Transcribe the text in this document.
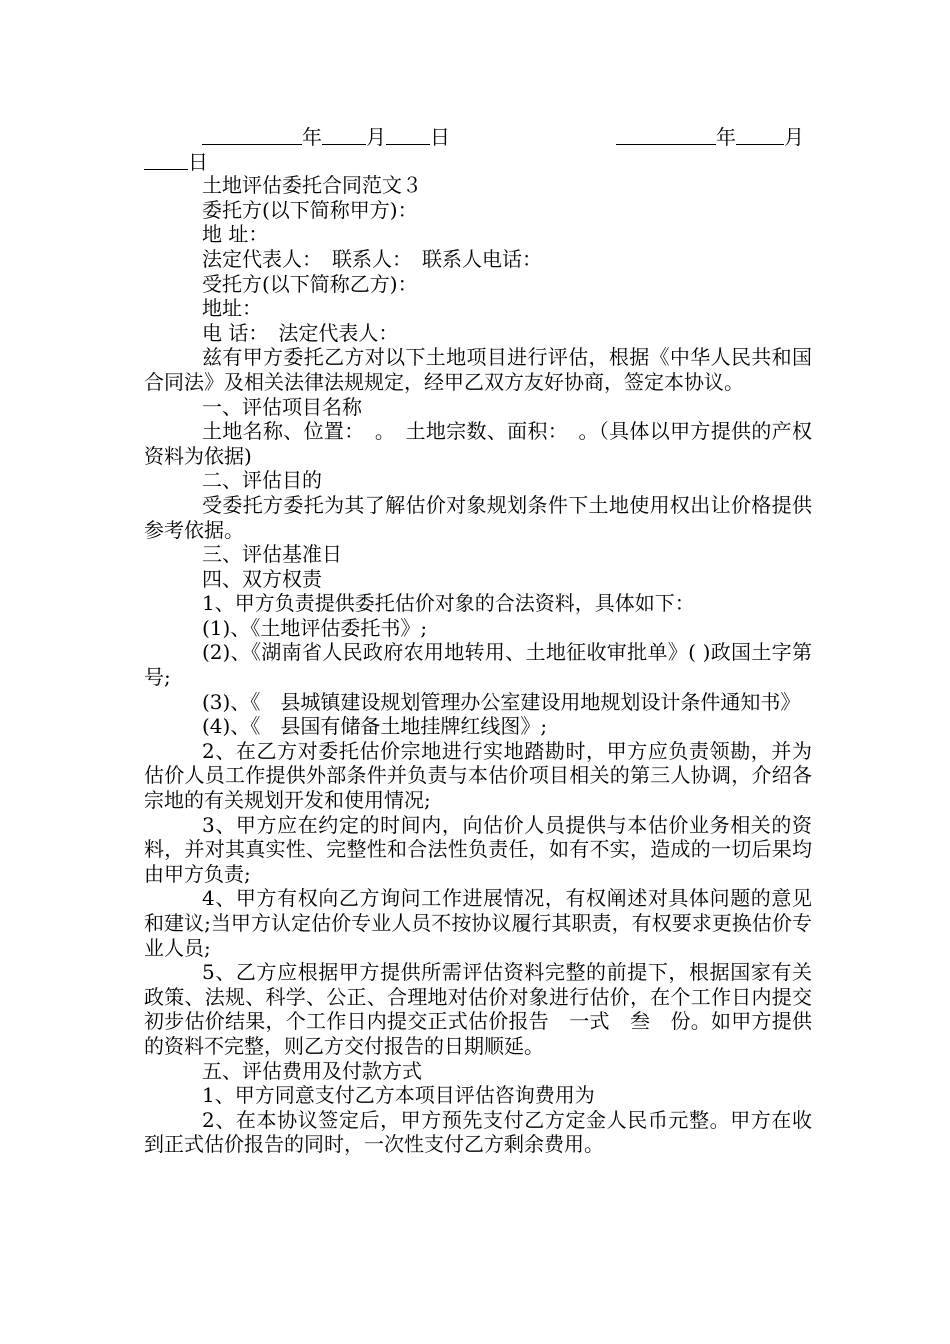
年 月 日	年 月
日

土地评估委托合同范文３

委托方(以下简称甲方)：

地 址：

法定代表人：　联系人：　联系人电话：

受托方(以下简称乙方)：

地址：

电 话：　法定代表人：

兹有甲方委托乙方对以下土地项目进行评估，根据《中华人民共和国合同法》及相关法律法规规定，经甲乙双方友好协商，签定本协议。

一、评估项目名称

土地名称、位置：　。　土地宗数、面积：　。（具体以甲方提供的产权资料为依据)

二、评估目的

受委托方委托为其了解估价对象规划条件下土地使用权出让价格提供参考依据。

三、评估基准日

四、双方权责

1、甲方负责提供委托估价对象的合法资料，具体如下：

(1)、《土地评估委托书》;

(2)、《湖南省人民政府农用地转用、土地征收审批单》( )政国土字第　号;

(3)、《　县城镇建设规划管理办公室建设用地规划设计条件通知书》

(4)、《　县国有储备土地挂牌红线图》;

2、在乙方对委托估价宗地进行实地踏勘时，甲方应负责领勘，并为估价人员工作提供外部条件并负责与本估价项目相关的第三人协调，介绍各宗地的有关规划开发和使用情况;

3、甲方应在约定的时间内，向估价人员提供与本估价业务相关的资料，并对其真实性、完整性和合法性负责任，如有不实，造成的一切后果均由甲方负责;

4、甲方有权向乙方询问工作进展情况，有权阐述对具体问题的意见和建议;当甲方认定估价专业人员不按协议履行其职责，有权要求更换估价专业人员;

5、乙方应根据甲方提供所需评估资料完整的前提下，根据国家有关政策、法规、科学、公正、合理地对估价对象进行估价，在个工作日内提交初步估价结果，个工作日内提交正式估价报告　一式　叁　份。如甲方提供的资料不完整，则乙方交付报告的日期顺延。

五、评估费用及付款方式

1、甲方同意支付乙方本项目评估咨询费用为

2、在本协议签定后，甲方预先支付乙方定金人民币元整。甲方在收到正式估价报告的同时，一次性支付乙方剩余费用。
